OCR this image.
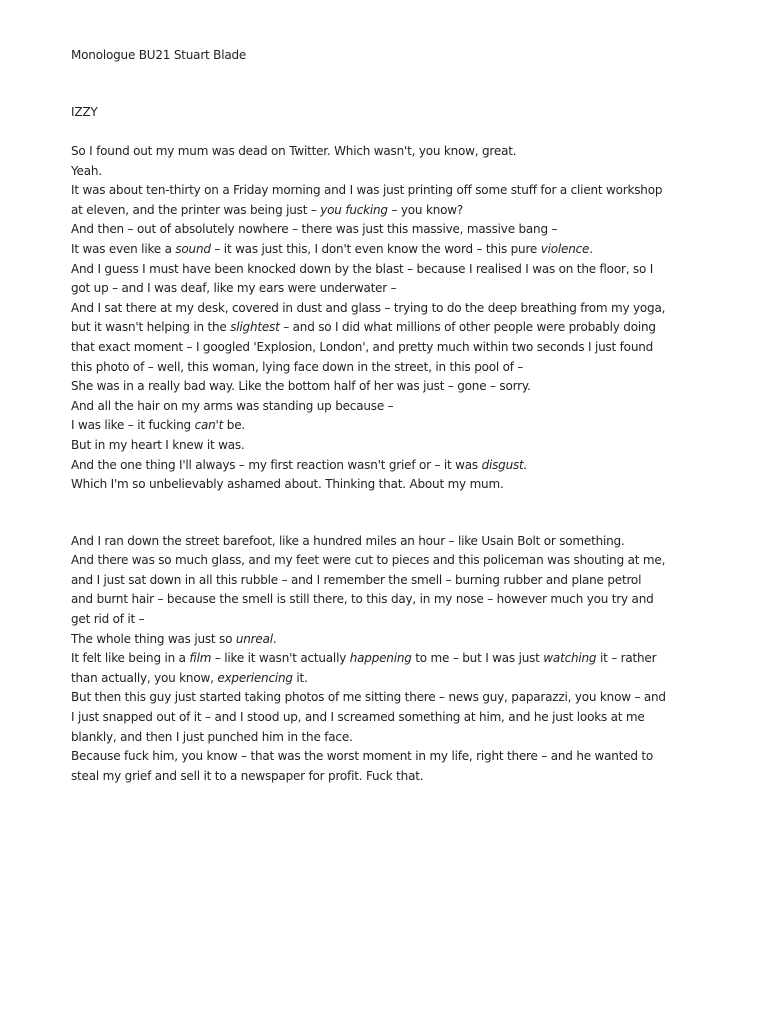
Monologue BU21 Stuart Blade

IZZY

So I found out my mum was dead on Twitter. Which wasn't, you know, great.
Yeah.
It was about ten-thirty on a Friday morning and I was just printing off some stuff for a client workshop
at eleven, and the printer was being just – you fucking – you know?
And then – out of absolutely nowhere – there was just this massive, massive bang –
It was even like a sound – it was just this, I don't even know the word – this pure violence.
And I guess I must have been knocked down by the blast – because I realised I was on the floor, so I
got up – and I was deaf, like my ears were underwater –
And I sat there at my desk, covered in dust and glass – trying to do the deep breathing from my yoga,
but it wasn't helping in the slightest – and so I did what millions of other people were probably doing
that exact moment – I googled 'Explosion, London', and pretty much within two seconds I just found
this photo of – well, this woman, lying face down in the street, in this pool of –
She was in a really bad way. Like the bottom half of her was just – gone – sorry.
And all the hair on my arms was standing up because –
I was like – it fucking can't be.
But in my heart I knew it was.
And the one thing I'll always – my first reaction wasn't grief or – it was disgust.
Which I'm so unbelievably ashamed about. Thinking that. About my mum.
And I ran down the street barefoot, like a hundred miles an hour – like Usain Bolt or something.
And there was so much glass, and my feet were cut to pieces and this policeman was shouting at me,
and I just sat down in all this rubble – and I remember the smell – burning rubber and plane petrol
and burnt hair – because the smell is still there, to this day, in my nose – however much you try and
get rid of it –
The whole thing was just so unreal.
It felt like being in a film – like it wasn't actually happening to me – but I was just watching it – rather
than actually, you know, experiencing it.
But then this guy just started taking photos of me sitting there – news guy, paparazzi, you know – and
I just snapped out of it – and I stood up, and I screamed something at him, and he just looks at me
blankly, and then I just punched him in the face.
Because fuck him, you know – that was the worst moment in my life, right there – and he wanted to
steal my grief and sell it to a newspaper for profit. Fuck that.
